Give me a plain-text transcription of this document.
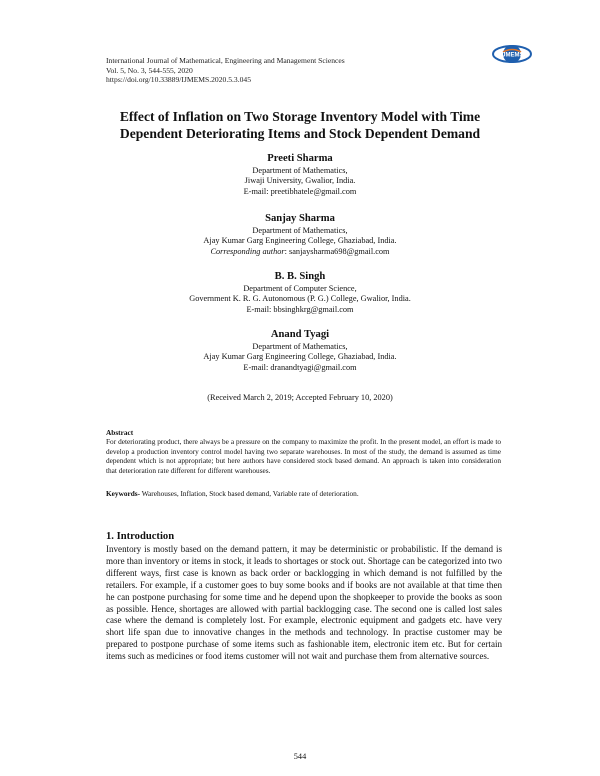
International Journal of Mathematical, Engineering and Management Sciences
Vol. 5, No. 3, 544-555, 2020
https://doi.org/10.33889/IJMEMS.2020.5.3.045
IJMEMS
Effect of Inflation on Two Storage Inventory Model with Time
Dependent Deteriorating Items and Stock Dependent Demand
Preeti Sharma
Department of Mathematics,
Jiwaji University, Gwalior, India.
E-mail: preetibhatele@gmail.com
Sanjay Sharma
Department of Mathematics,
Ajay Kumar Garg Engineering College, Ghaziabad, India.
Corresponding author: sanjaysharma698@gmail.com
B. B. Singh
Department of Computer Science,
Government K. R. G. Autonomous (P. G.) College, Gwalior, India.
E-mail: bbsinghkrg@gmail.com
Anand Tyagi
Department of Mathematics,
Ajay Kumar Garg Engineering College, Ghaziabad, India.
E-mail: dranandtyagi@gmail.com
(Received March 2, 2019; Accepted February 10, 2020)
Abstract
For deteriorating product, there always be a pressure on the company to maximize the profit. In the present model, an effort is made to develop a production inventory control model having two separate warehouses. In most of the study, the demand is assumed as time dependent which is not appropriate; but here authors have considered stock based demand. An approach is taken into consideration that deterioration rate different for different warehouses.
Keywords- Warehouses, Inflation, Stock based demand, Variable rate of deterioration.
1. Introduction
Inventory is mostly based on the demand pattern, it may be deterministic or probabilistic. If the demand is more than inventory or items in stock, it leads to shortages or stock out. Shortage can be categorized into two different ways, first case is known as back order or backlogging in which demand is not fulfilled by the retailers. For example, if a customer goes to buy some books and if books are not available at that time then he can postpone purchasing for some time and he depend upon the shopkeeper to provide the books as soon as possible. Hence, shortages are allowed with partial backlogging case. The second one is called lost sales case where the demand is completely lost. For example, electronic equipment and gadgets etc. have very short life span due to innovative changes in the methods and technology. In practise customer may be prepared to postpone purchase of some items such as fashionable item, electronic item etc. But for certain items such as medicines or food items customer will not wait and purchase them from alternative sources.
544
